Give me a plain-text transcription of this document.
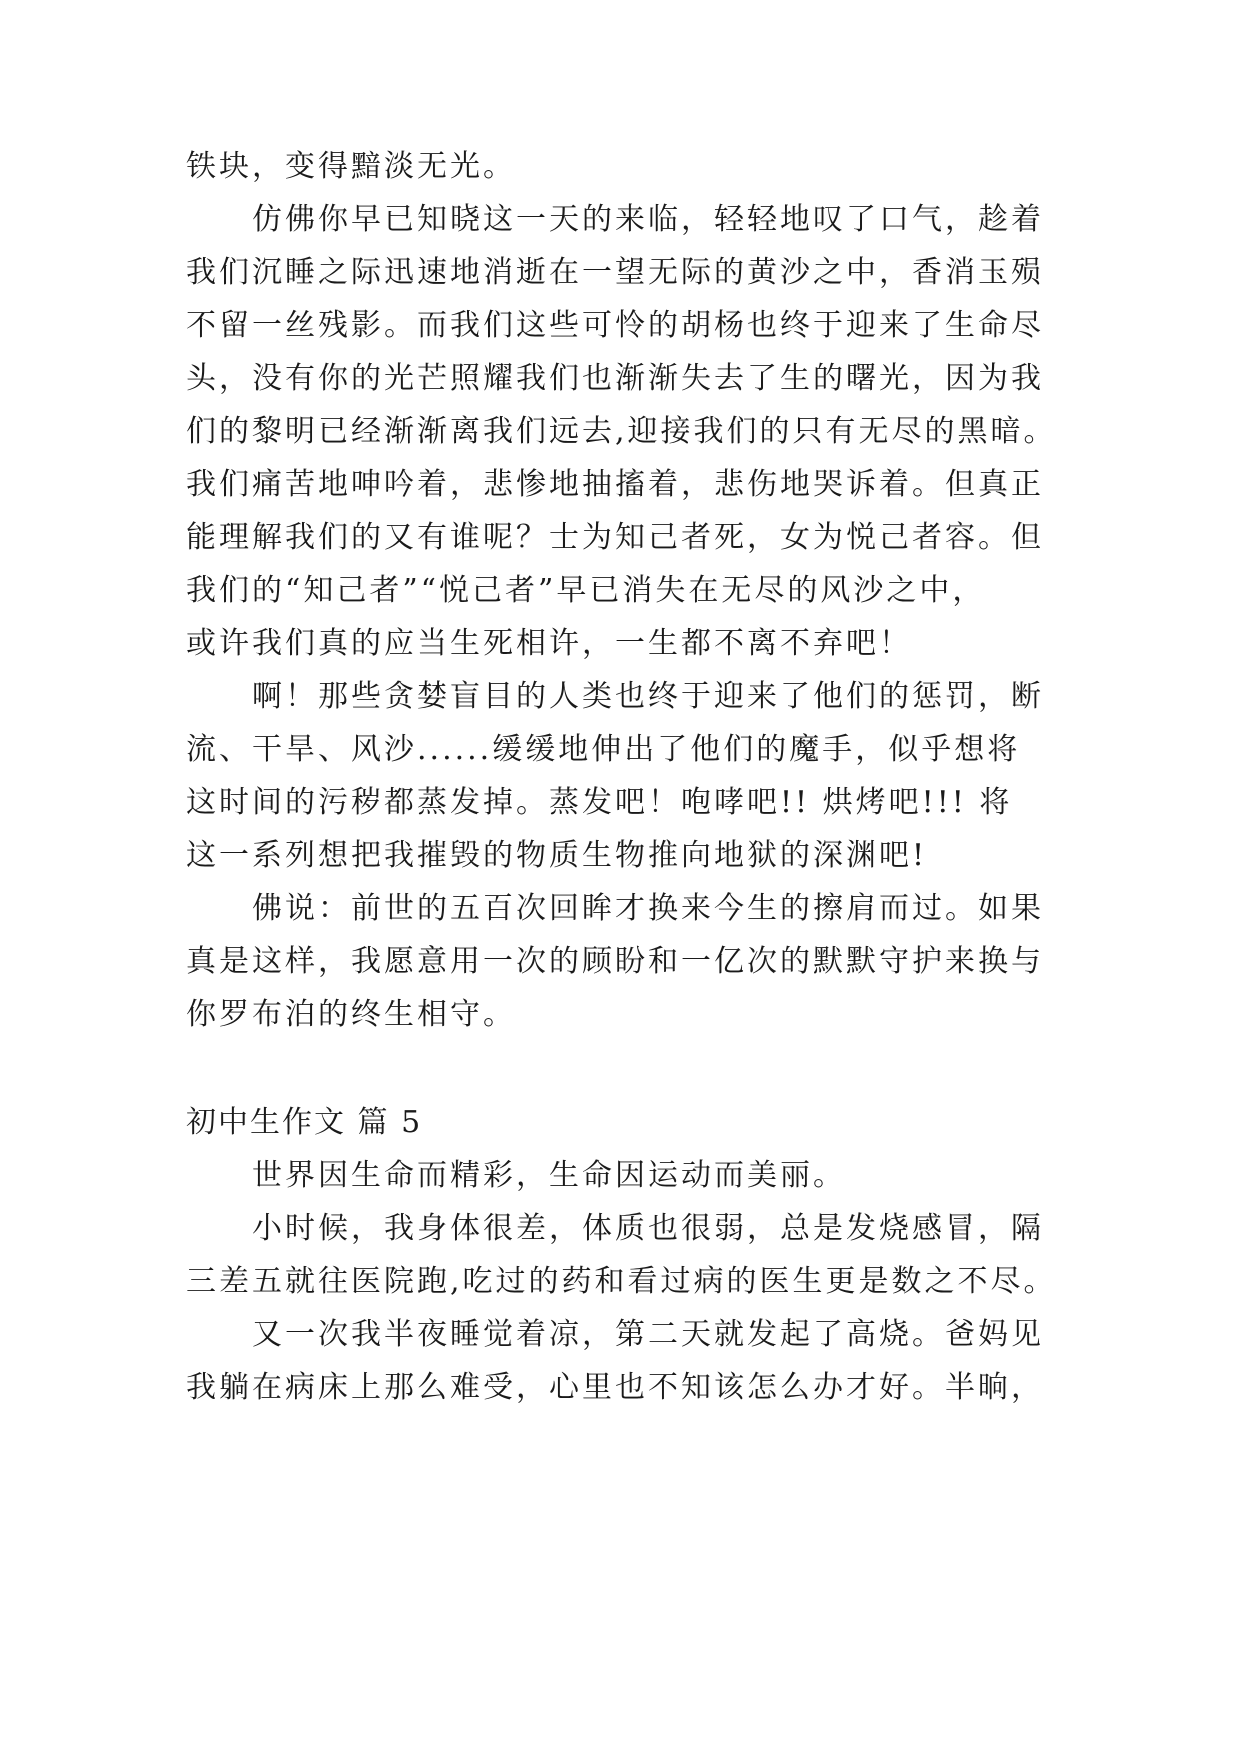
铁块，变得黯淡无光。
仿佛你早已知晓这一天的来临，轻轻地叹了口气，趁着
我们沉睡之际迅速地消逝在一望无际的黄沙之中，香消玉殒
不留一丝残影。而我们这些可怜的胡杨也终于迎来了生命尽
头，没有你的光芒照耀我们也渐渐失去了生的曙光，因为我
们的黎明已经渐渐离我们远去,迎接我们的只有无尽的黑暗。
我们痛苦地呻吟着，悲惨地抽搐着，悲伤地哭诉着。但真正
能理解我们的又有谁呢？士为知己者死，女为悦己者容。但
我们的“知己者”“悦己者”早已消失在无尽的风沙之中，
或许我们真的应当生死相许，一生都不离不弃吧！
啊！那些贪婪盲目的人类也终于迎来了他们的惩罚，断
流、干旱、风沙......缓缓地伸出了他们的魔手，似乎想将
这时间的污秽都蒸发掉。蒸发吧！咆哮吧!! 烘烤吧!!! 将
这一系列想把我摧毁的物质生物推向地狱的深渊吧!
佛说：前世的五百次回眸才换来今生的擦肩而过。如果
真是这样，我愿意用一次的顾盼和一亿次的默默守护来换与
你罗布泊的终生相守。
初中生作文 篇 5
世界因生命而精彩，生命因运动而美丽。
小时候，我身体很差，体质也很弱，总是发烧感冒，隔
三差五就往医院跑,吃过的药和看过病的医生更是数之不尽。
又一次我半夜睡觉着凉，第二天就发起了高烧。爸妈见
我躺在病床上那么难受，心里也不知该怎么办才好。半晌，
